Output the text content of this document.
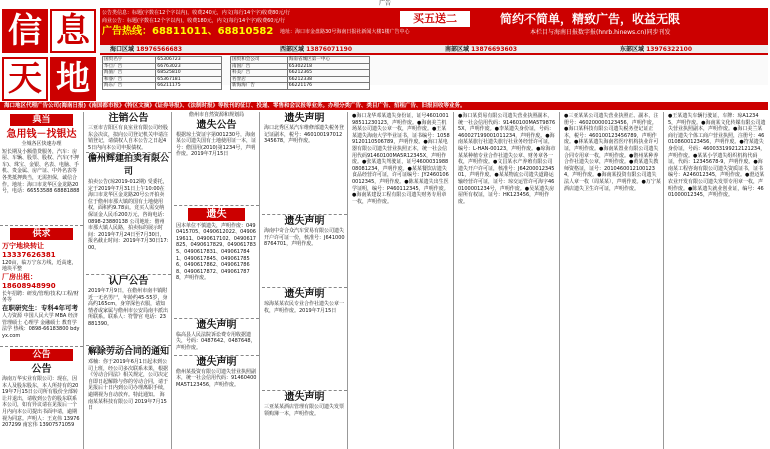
广告
信 息	公告类信息：标题(字数在12个字以内)，收费240元，内文(每行14个字)收费80元/行
商业公告：标题(字数在12个字以内)，收费180元，内文(每行14个字)收费60元/行
广告热线：68811011、68810582	地址：海口市金盘路30号海南日报社新闻大楼1楼广告中心
买五送二	简约不简单，精致广告，收益无限
本栏目与海南日报数字报(hnrb.hinews.cn)同步刊发
海口区域 18976566683	西部区域 13876071190	南部区域 13876693603	东部区域 13976322100
国贸名宇	65306723
华旦广告	66763023
海旅广告	68525810
和睿广告	65367181
海东广告	66211175
国贸和会公司	海南省城区第一中心
南国广告	65302218
科美广告	66212365
名誉店	66212338
新海海广告	66221176
天 地
海口地区代理广告公司(海南日报)《南国都市报》《特区文摘》《证券导报》、《法制时报》等报刊的征订、投递、零售和会议报等业务。办理分类广告、类目广告、招租广告、旧报回收等业务。
典当
急用钱－找银达
全城各区快速办理
短长期及小额借贷服务，汽车：房屋、车辆、股票、股权、汽车(不押车)、珠宝、金银、名表、电脑、手机、贵金属、房产证、中外名表等各类抵押典当，无需担保，诚信合作。地址：海口市龙华区金龙路20号，电话：66553588 68881888
供求
万宁地块转让13337626381
120亩，临万宁东方线，近高速，地块平整
厂房出租：18608948990
长年招聘：研发/管理/技术/工程/财务等
在职研究生：专科4年可考
人力资源 中国人民大学 MBA 经济管理硕士 心理学 金融硕士 教育学 法学 热线：0898-66183800 bdyyx.com
公告
公告
海南万华实业有限公司：现在，因本人及股东股东，本人所持有的2019年7月15日公司所有股份全部转让并退出，请收到公告的股东联系本公司，如有异议请在见报后一个月内向本公司提出书面申请，逾期视为同意。声明人：王克伟 13976207299 南宏伟 13907571059
注销公告
三亚市吉阳区有良室业有限公司经股东会决议，拟向公司登记机关申请注销登记，请债权人自本公告之日起45日内向本公司申报债权。
儋州辉建拍卖有限公司
拍卖公告(琼2019-012期) 受委托，定于2019年7月31日上午10:00在海口市龙华区金龙路20号公开拍卖位于儋州市那大镇的国有土地使用权，面积约9.78亩。竞买人需交纳保证金人民币200万元，咨询电话：0898-23880138 公司地址：儋州市那大镇人民路，拍卖标的展示时间：2019年7月24日至7月30日，报名截止时间：2019年7月30日17:00。
认尸公告
2019年7月9日，在儋州市南丰镇附近一无名男尸，年龄约45-55岁，身高约165cm，身穿深色衣服，请知情者或家属与儋州市公安局南丰派出所联系。联系人：符警官 电话：23881390。
解除劳动合同的通知
邓楠：你于2019年6月1日起未到公司上班，经公司多次联系未果，根据《劳动合同法》相关规定，公司决定自即日起解除与你的劳动合同，请于见报后十日内到公司办理离职手续，逾期视为自动放弃。特此通知。 海南某某科技有限公司 2019年7月15日
儋州市自然资源和规划局
遗失公告
根据琼土资证字第001230号，海南某公司遗失国有土地使用证一本，证号：儋国用(2010)第1234号，声明作废。2019年7月15日
遗失
因本单位不慎遗失，声明作废：0490415705、0490612022、0490619611、0490617102、0490617825、0490617829、0490617835、0490617831、0490617841、0490617845、0490617856、0490617862、0490617868、0490617872、0490617878，声明作废。
遗失声明
临高县人民法院诉讼费专用收据遗失，号码：0487642、0487648，声明作废。
遗失声明
儋州某投资有限公司遗失营业执照副本，统一社会信用代码：91460400MA5T123456，声明作废。
遗失声明
海口北秀区某汽车维修部遗失税务登记证副本，税号：460100197012345678，声明作废。
遗失声明
海南中奇合众汽车贸易有限公司遗失开户许可证一份，核准号：J6410008764701，声明作废。
遗失声明
琼海某某农民专业合作社遗失公章一枚，声明作废。2019年7月15日
遗失声明
三亚某某酒店管理有限公司遗失发票领购簿一本，声明作废。
●海口龙华邓某遗失身份证，证号460100198511230123，声明作废。●海南美兰机场某公司遗失公章一枚，声明作废。●王某某遗失海南大学毕业证书，证书编号：10589120110506789，声明作废。●海口某电器有限公司遗失营业执照正本，统一社会信用代码91460100MA5R12345X，声明作废。●张某遗失驾驶证，证号460003198808081234，声明作废。●某某餐饮店遗失食品经营许可证，许可证编号：JY24601060012345，声明作废。●陈某某遗失出生医学证明，编号：P460112345，声明作废。●海南某建设工程有限公司遗失财务专用章一枚，声明作废。
●海口某贸易有限公司遗失营业执照副本，统一社会信用代码：91460100MA5T98765X，声明作废。●李某遗失身份证，号码：460027199001011234，声明作废。●海南某某旅行社遗失旅行社业务经营许可证，编号：L-HAN-00123，声明作废。●琼海市某某种植专业合作社遗失公章、财务章各一枚，声明作废。●文昌某水产养殖有限公司遗失开户许可证，核准号：J6420001234501，声明作废。●某某物流公司遗失道路运输经营许可证，证号：琼交运管许可海字460100001234号，声明作废。●吴某遗失房屋所有权证，证号：HK123456，声明作废。
●三亚某某公司遗失营业执照正、副本，注册号：460200000123456，声明作废。●海口某科技有限公司遗失税务登记证正本，税号：460100123456789，声明作废。●林某某遗失海南省医疗机构执业许可证，声明作废。●海南某置业有限公司遗失合同专用章一枚，声明作废。●儋州某种养合作社遗失公章，声明作废。●黄某遗失教师资格证，证号：20104600121001234，声明作废。●海南某投资有限公司遗失法人章一枚（周某某），声明作废。●万宁某酒店遗失卫生许可证，声明作废。
●王某遗失车辆行驶证，车牌：琼A12345，声明作废。●海南某文化传媒有限公司遗失营业执照副本，声明作废。●海口美兰某商行遗失个体工商户营业执照，注册号：460108600123456，声明作废。●符某遗失身份证，号码：460033199212121234，声明作废。●某某小学遗失组织机构代码证，代码：12345678-9，声明作废。●海南某工程咨询有限公司遗失资质证书，证书编号：A246012345，声明作废。●澄迈某农业开发有限公司遗失发票专用章一枚，声明作废。●陈某遗失就业创业证，编号：4601000012345，声明作废。
